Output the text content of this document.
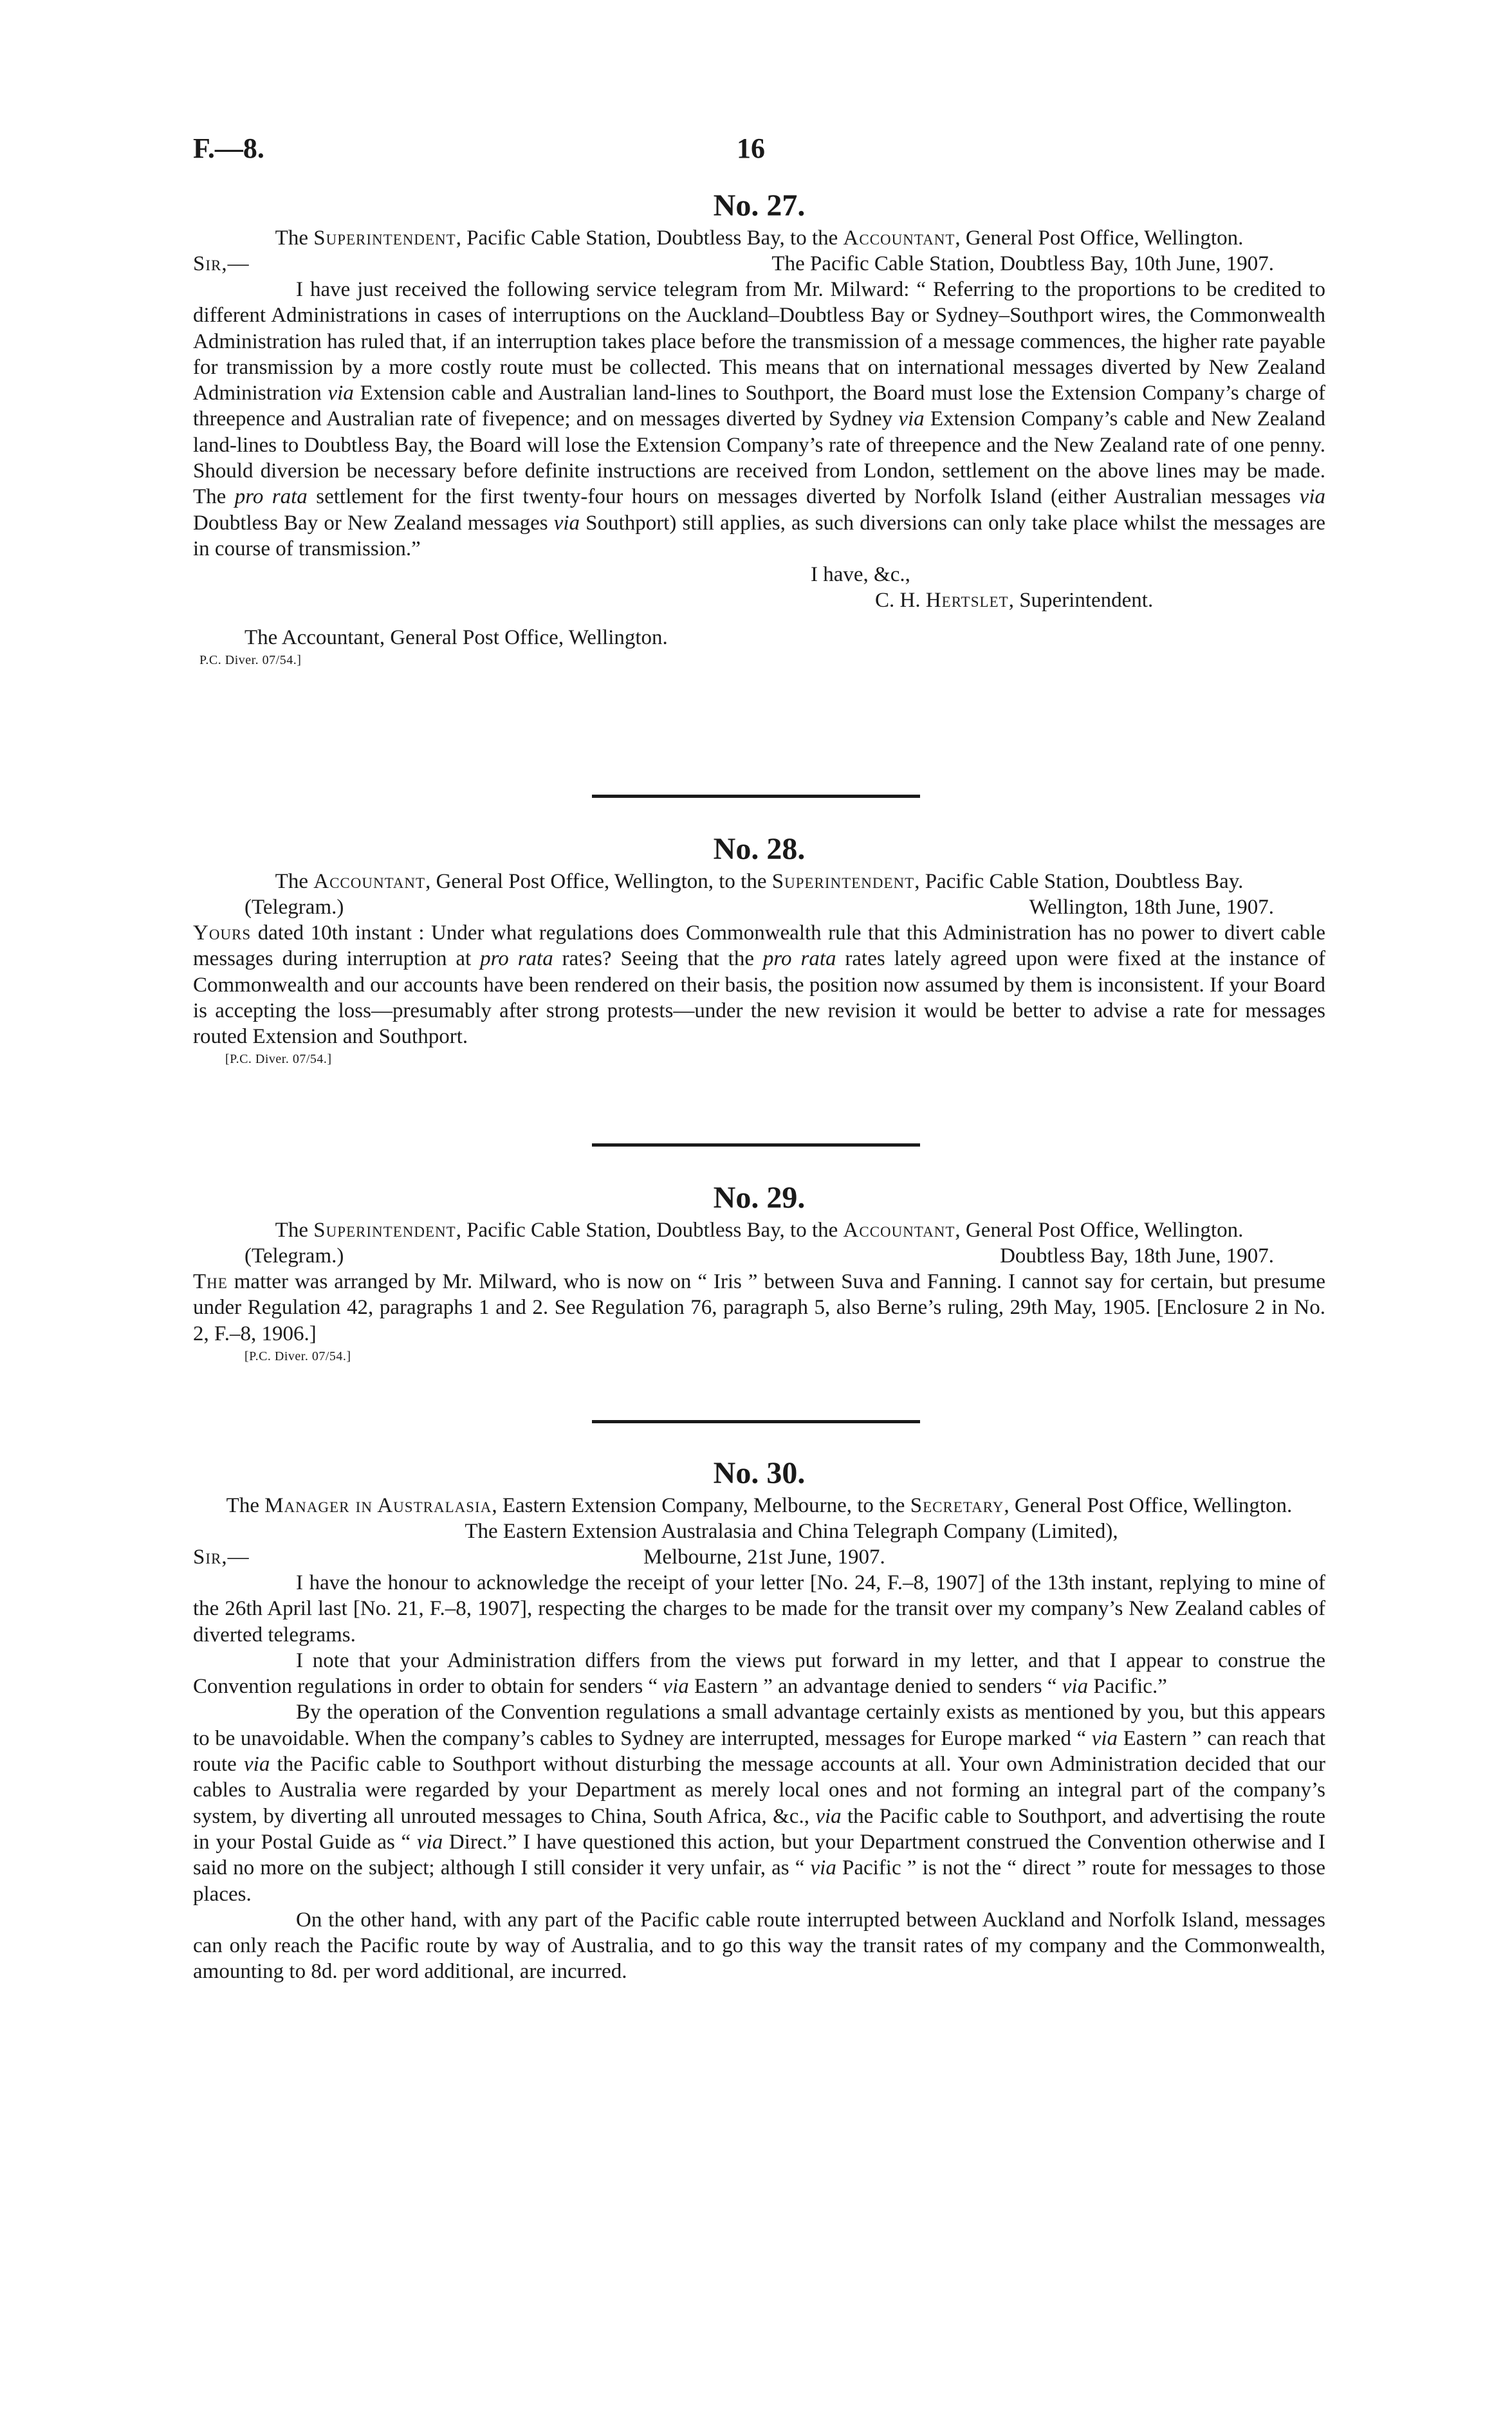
F.—8.	16
No. 27.
The Superintendent, Pacific Cable Station, Doubtless Bay, to the Accountant, General Post Office, Wellington.
Sir,—	The Pacific Cable Station, Doubtless Bay, 10th June, 1907.

I have just received the following service telegram from Mr. Milward: “ Referring to the proportions to be credited to different Administrations in cases of interruptions on the Auckland–Doubtless Bay or Sydney–Southport wires, the Commonwealth Administration has ruled that, if an interruption takes place before the transmission of a message commences, the higher rate payable for transmission by a more costly route must be collected. This means that on international messages diverted by New Zealand Administration via Extension cable and Australian land-lines to Southport, the Board must lose the Extension Company’s charge of threepence and Australian rate of fivepence; and on messages diverted by Sydney via Extension Company’s cable and New Zealand land-lines to Doubtless Bay, the Board will lose the Extension Company’s rate of threepence and the New Zealand rate of one penny. Should diversion be necessary before definite instructions are received from London, settlement on the above lines may be made. The pro rata settlement for the first twenty-four hours on messages diverted by Norfolk Island (either Australian messages via Doubtless Bay or New Zealand messages via Southport) still applies, as such diversions can only take place whilst the messages are in course of transmission.”

I have, &c.,
C. H. Hertslet, Superintendent.
The Accountant, General Post Office, Wellington.
P.C. Diver. 07/54.]
No. 28.
The Accountant, General Post Office, Wellington, to the Superintendent, Pacific Cable Station, Doubtless Bay.
(Telegram.)	Wellington, 18th June, 1907.

Yours dated 10th instant : Under what regulations does Commonwealth rule that this Administration has no power to divert cable messages during interruption at pro rata rates? Seeing that the pro rata rates lately agreed upon were fixed at the instance of Commonwealth and our accounts have been rendered on their basis, the position now assumed by them is inconsistent. If your Board is accepting the loss—presumably after strong protests—under the new revision it would be better to advise a rate for messages routed Extension and Southport.

[P.C. Diver. 07/54.]
No. 29.
The Superintendent, Pacific Cable Station, Doubtless Bay, to the Accountant, General Post Office, Wellington.
(Telegram.)	Doubtless Bay, 18th June, 1907.

The matter was arranged by Mr. Milward, who is now on “ Iris ” between Suva and Fanning. I cannot say for certain, but presume under Regulation 42, paragraphs 1 and 2. See Regulation 76, paragraph 5, also Berne’s ruling, 29th May, 1905. [Enclosure 2 in No. 2, F.–8, 1906.]

[P.C. Diver. 07/54.]
No. 30.
The Manager in Australasia, Eastern Extension Company, Melbourne, to the Secretary, General Post Office, Wellington.
The Eastern Extension Australasia and China Telegraph Company (Limited),
Sir,—	Melbourne, 21st June, 1907.

I have the honour to acknowledge the receipt of your letter [No. 24, F.–8, 1907] of the 13th instant, replying to mine of the 26th April last [No. 21, F.–8, 1907], respecting the charges to be made for the transit over my company’s New Zealand cables of diverted telegrams.

I note that your Administration differs from the views put forward in my letter, and that I appear to construe the Convention regulations in order to obtain for senders “ via Eastern ” an advantage denied to senders “ via Pacific.”

By the operation of the Convention regulations a small advantage certainly exists as mentioned by you, but this appears to be unavoidable. When the company’s cables to Sydney are interrupted, messages for Europe marked “ via Eastern ” can reach that route via the Pacific cable to Southport without disturbing the message accounts at all. Your own Administration decided that our cables to Australia were regarded by your Department as merely local ones and not forming an integral part of the company’s system, by diverting all unrouted messages to China, South Africa, &c., via the Pacific cable to Southport, and advertising the route in your Postal Guide as “ via Direct.” I have questioned this action, but your Department construed the Convention otherwise and I said no more on the subject; although I still consider it very unfair, as “ via Pacific ” is not the “ direct ” route for messages to those places.

On the other hand, with any part of the Pacific cable route interrupted between Auckland and Norfolk Island, messages can only reach the Pacific route by way of Australia, and to go this way the transit rates of my company and the Commonwealth, amounting to 8d. per word additional, are incurred.
